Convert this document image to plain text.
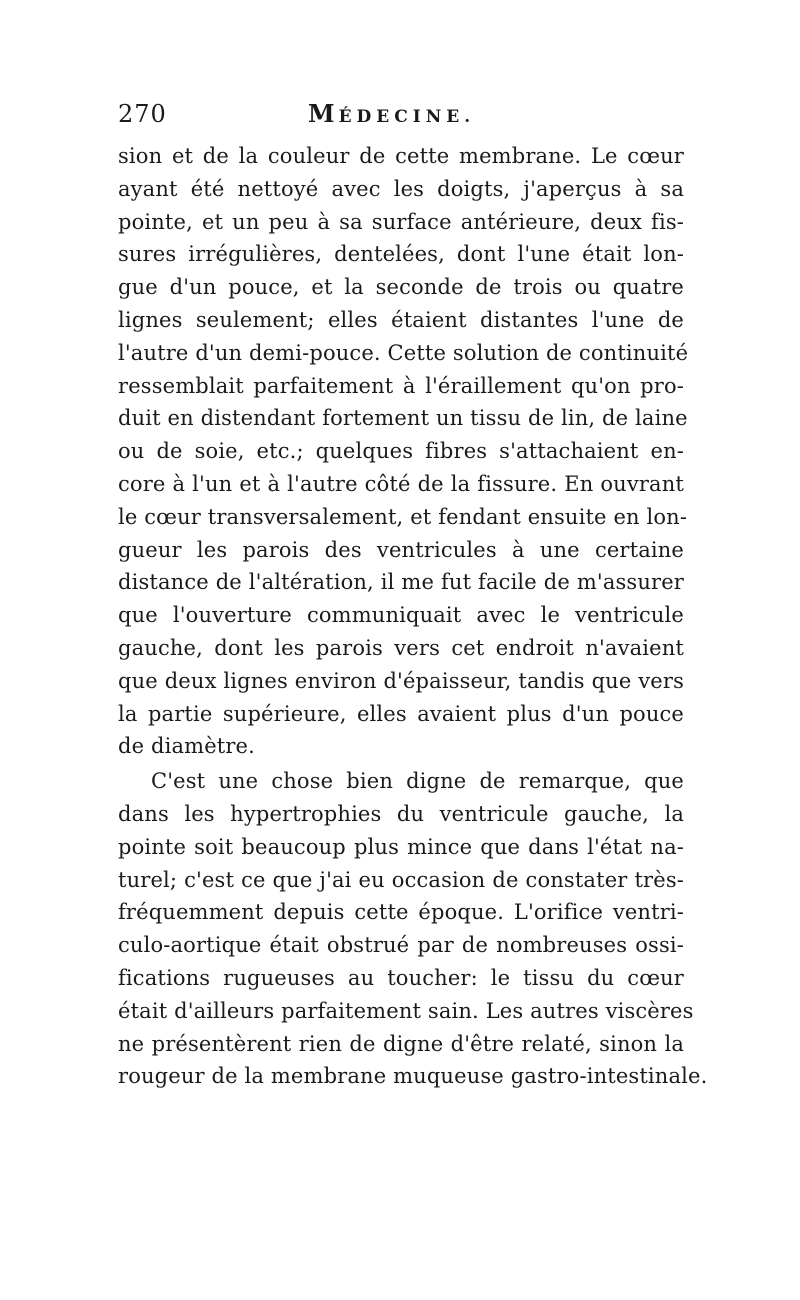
270	MÉDECINE.
sion et de la couleur de cette membrane. Le cœur
ayant été nettoyé avec les doigts, j'aperçus à sa
pointe, et un peu à sa surface antérieure, deux fis-
sures irrégulières, dentelées, dont l'une était lon-
gue d'un pouce, et la seconde de trois ou quatre
lignes seulement; elles étaient distantes l'une de
l'autre d'un demi-pouce. Cette solution de continuité
ressemblait parfaitement à l'éraillement qu'on pro-
duit en distendant fortement un tissu de lin, de laine
ou de soie, etc.; quelques fibres s'attachaient en-
core à l'un et à l'autre côté de la fissure. En ouvrant
le cœur transversalement, et fendant ensuite en lon-
gueur les parois des ventricules à une certaine
distance de l'altération, il me fut facile de m'assurer
que l'ouverture communiquait avec le ventricule
gauche, dont les parois vers cet endroit n'avaient
que deux lignes environ d'épaisseur, tandis que vers
la partie supérieure, elles avaient plus d'un pouce
de diamètre.
C'est une chose bien digne de remarque, que
dans les hypertrophies du ventricule gauche, la
pointe soit beaucoup plus mince que dans l'état na-
turel; c'est ce que j'ai eu occasion de constater très-
fréquemment depuis cette époque. L'orifice ventri-
culo-aortique était obstrué par de nombreuses ossi-
fications rugueuses au toucher: le tissu du cœur
était d'ailleurs parfaitement sain. Les autres viscères
ne présentèrent rien de digne d'être relaté, sinon la
rougeur de la membrane muqueuse gastro-intestinale.
